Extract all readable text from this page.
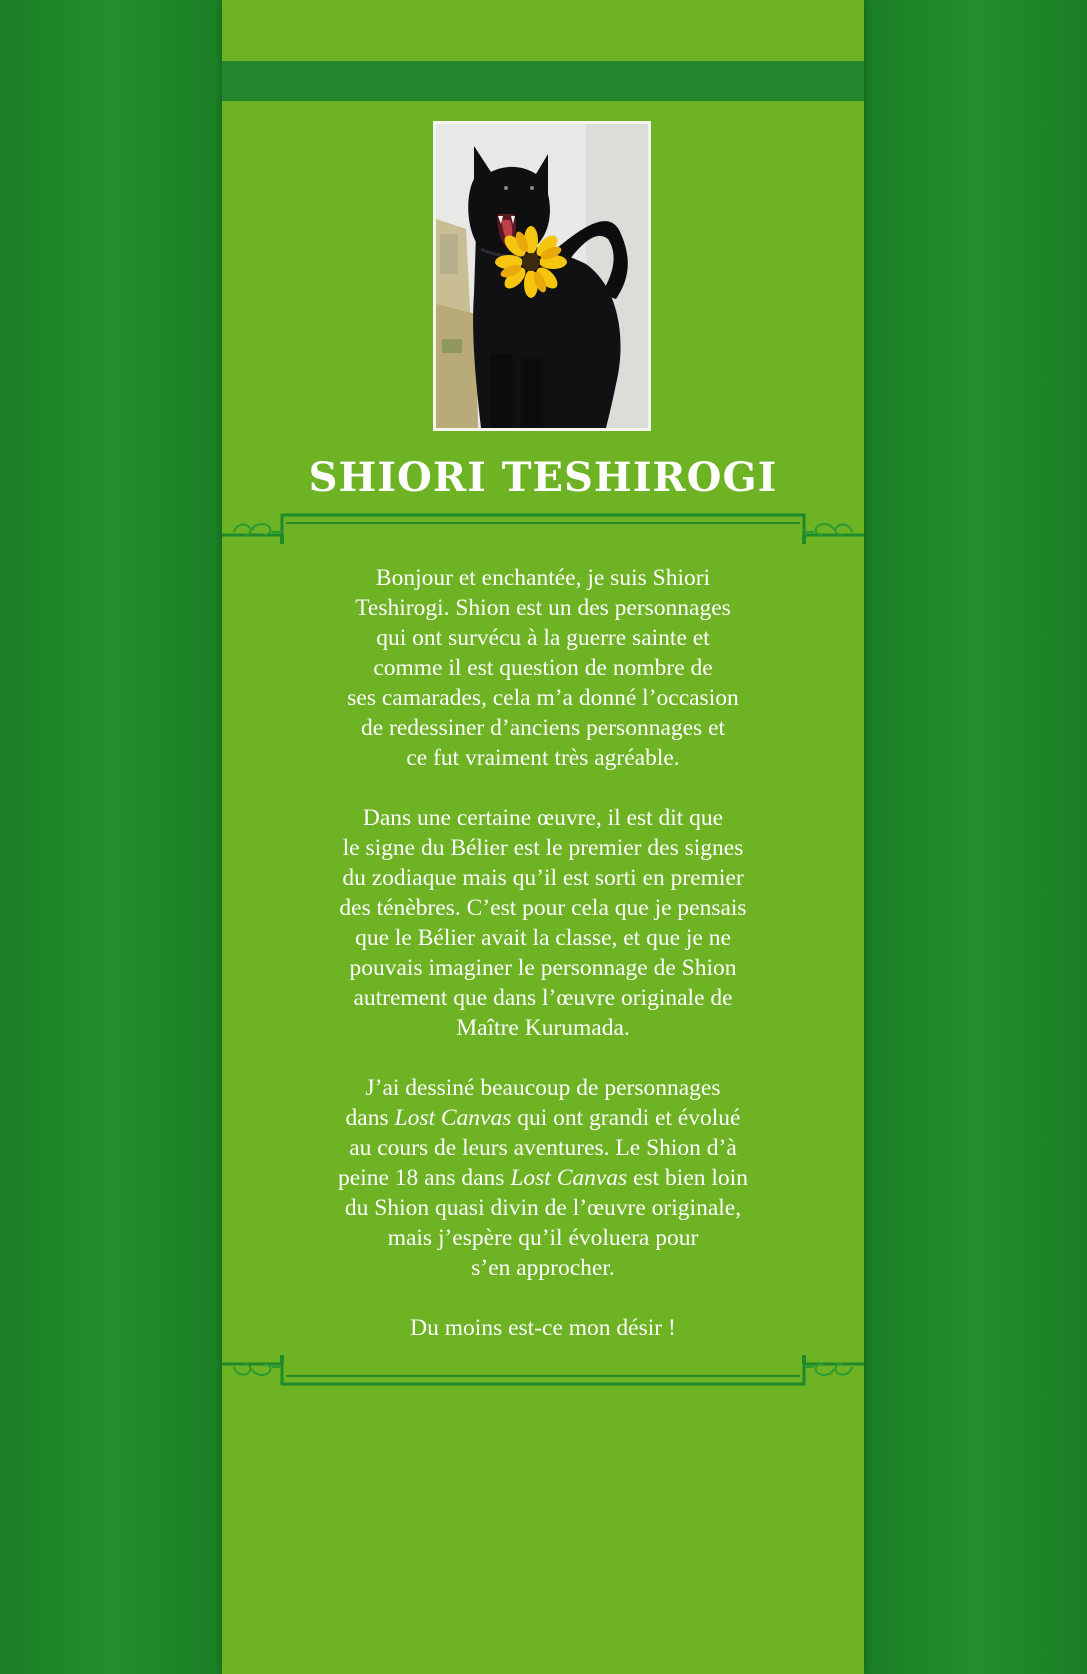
SHIORI TESHIROGI

Bonjour et enchantée, je suis Shiori
Teshirogi. Shion est un des personnages
qui ont survécu à la guerre sainte et
comme il est question de nombre de
ses camarades, cela m’a donné l’occasion
de redessiner d’anciens personnages et
ce fut vraiment très agréable.

Dans une certaine œuvre, il est dit que
le signe du Bélier est le premier des signes
du zodiaque mais qu’il est sorti en premier
des ténèbres. C’est pour cela que je pensais
que le Bélier avait la classe, et que je ne
pouvais imaginer le personnage de Shion
autrement que dans l’œuvre originale de
Maître Kurumada.

J’ai dessiné beaucoup de personnages
dans Lost Canvas qui ont grandi et évolué
au cours de leurs aventures. Le Shion d’à
peine 18 ans dans Lost Canvas est bien loin
du Shion quasi divin de l’œuvre originale,
mais j’espère qu’il évoluera pour
s’en approcher.

Du moins est-ce mon désir !
